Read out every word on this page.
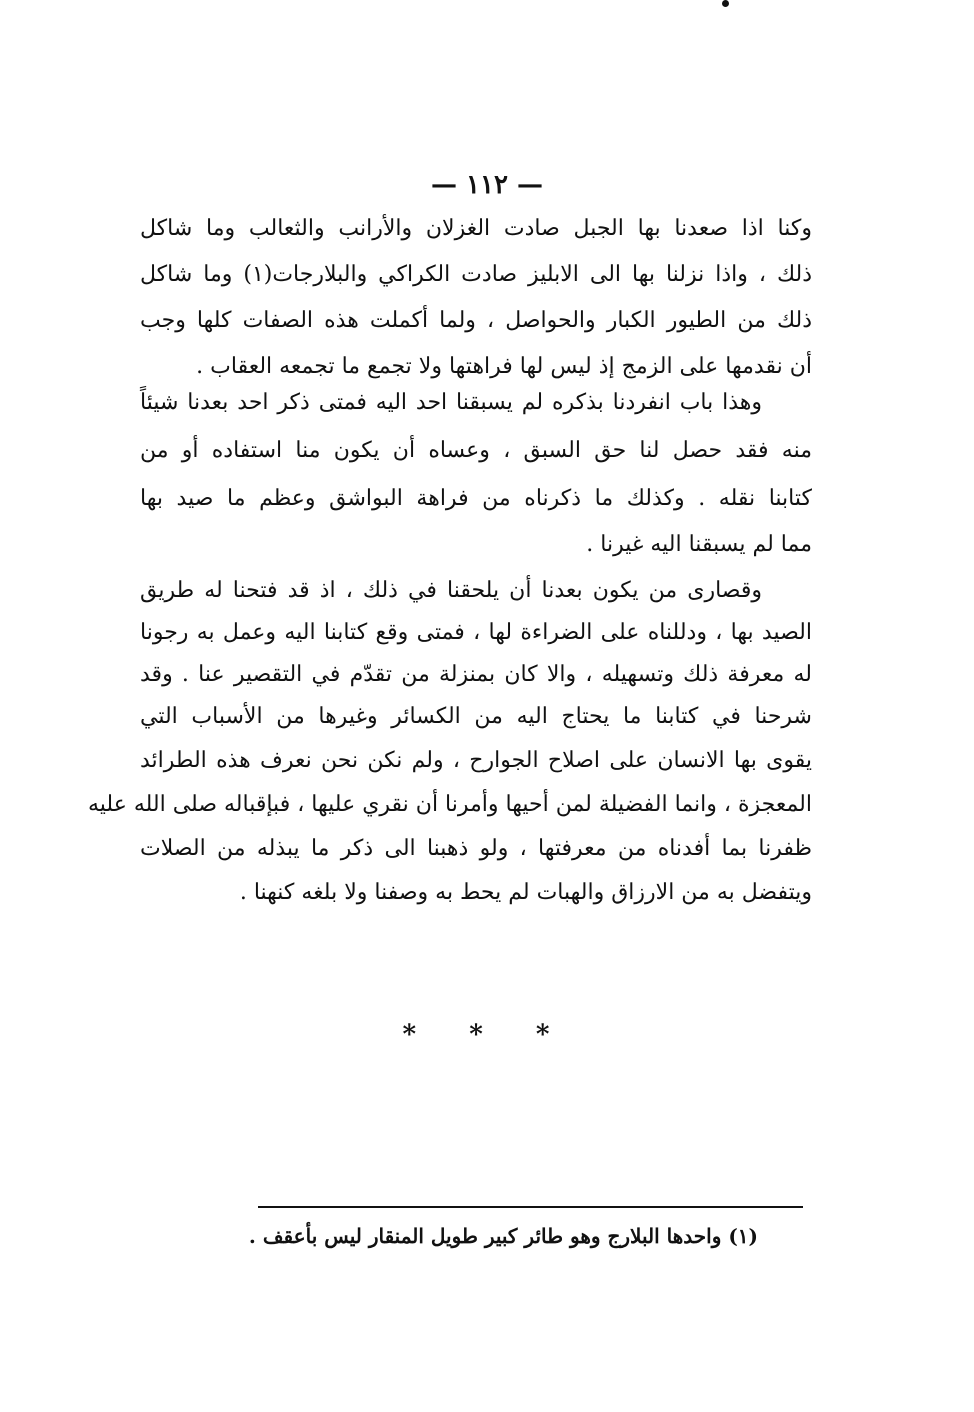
— ١١٢ —
وكنا اذا صعدنا بها الجبل صادت الغزلان والأرانب والثعالب وما شاكل
ذلك ، واذا نزلنا بها الى الابليز صادت الكراكي والبلارجات(١) وما شاكل
ذلك من الطيور الكبار والحواصل ، ولما أكملت هذه الصفات كلها وجب
أن نقدمها على الزمج إذ ليس لها فراهتها ولا تجمع ما تجمعه العقاب .
وهذا باب انفردنا بذكره لم يسبقنا احد اليه فمتى ذكر احد بعدنا شيئاً
منه فقد حصل لنا حق السبق ، وعساه أن يكون منا استفاده أو من
كتابنا نقله . وكذلك ما ذكرناه من فراهة البواشق وعظم ما صيد بها
مما لم يسبقنا اليه غيرنا .
وقصارى من يكون بعدنا أن يلحقنا في ذلك ، اذ قد فتحنا له طريق
الصيد بها ، ودللناه على الضراءة لها ، فمتى وقع كتابنا اليه وعمل به رجونا
له معرفة ذلك وتسهيله ، والا كان بمنزلة من تقدّم في التقصير عنا . وقد
شرحنا في كتابنا ما يحتاج اليه من الكسائر وغيرها من الأسباب التي
يقوى بها الانسان على اصلاح الجوارح ، ولم نكن نحن نعرف هذه الطرائد
المعجزة ، وانما الفضيلة لمن أحيها وأمرنا أن نقري عليها ، فبإقباله صلى الله عليه
ظفرنا بما أفدناه من معرفتها ، ولو ذهبنا الى ذكر ما يبذله من الصلات
ويتفضل به من الارزاق والهبات لم يحط به وصفنا ولا بلغه كنهنا .
* * *
(١) واحدها البلارج وهو طائر كبير طويل المنقار ليس بأعقف .
